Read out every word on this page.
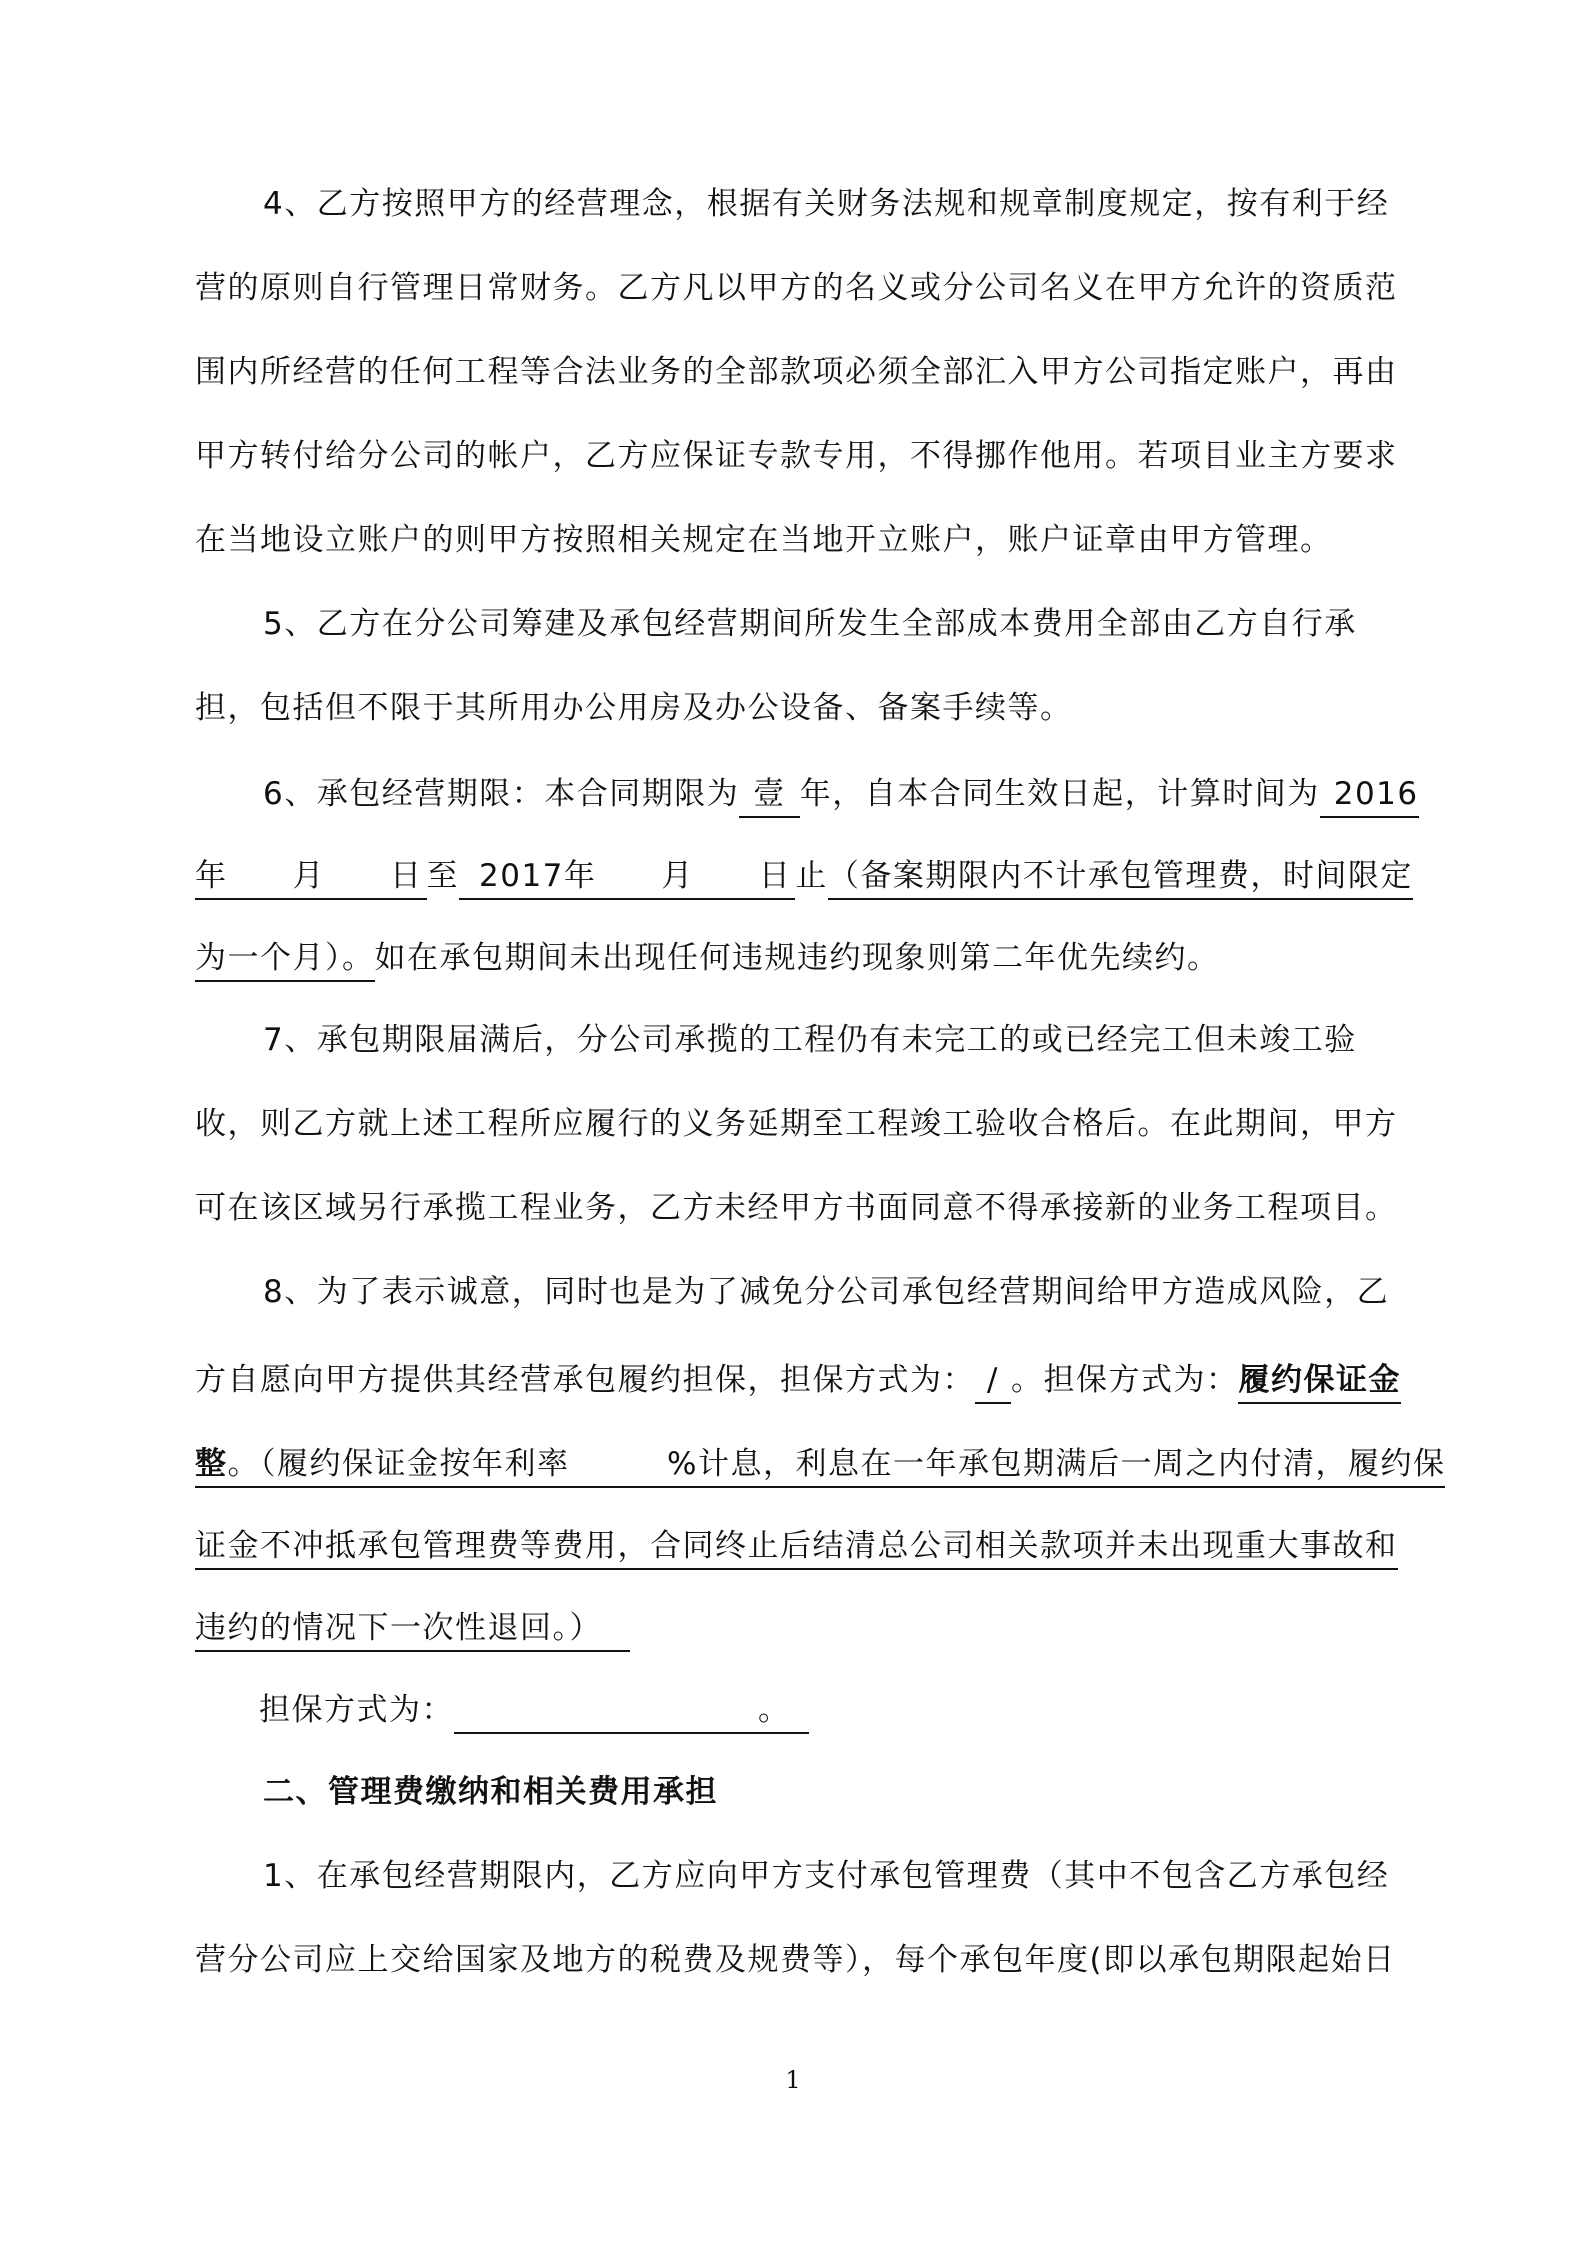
4、乙方按照甲方的经营理念，根据有关财务法规和规章制度规定，按有利于经
营的原则自行管理日常财务。乙方凡以甲方的名义或分公司名义在甲方允许的资质范
围内所经营的任何工程等合法业务的全部款项必须全部汇入甲方公司指定账户，再由
甲方转付给分公司的帐户，乙方应保证专款专用，不得挪作他用。若项目业主方要求
在当地设立账户的则甲方按照相关规定在当地开立账户，账户证章由甲方管理。
5、乙方在分公司筹建及承包经营期间所发生全部成本费用全部由乙方自行承
担，包括但不限于其所用办公用房及办公设备、备案手续等。
6、承包经营期限：本合同期限为 壹 年，自本合同生效日起，计算时间为 2016
年　　月　　日 至 2017年　　月　　日 止（备案期限内不计承包管理费，时间限定
为一个月）。如在承包期间未出现任何违规违约现象则第二年优先续约。
7、承包期限届满后，分公司承揽的工程仍有未完工的或已经完工但未竣工验
收，则乙方就上述工程所应履行的义务延期至工程竣工验收合格后。在此期间，甲方
可在该区域另行承揽工程业务，乙方未经甲方书面同意不得承接新的业务工程项目。
8、为了表示诚意，同时也是为了减免分公司承包经营期间给甲方造成风险，乙
方自愿向甲方提供其经营承包履约担保，担保方式为： / 。担保方式为：履约保证金
整。（履约保证金按年利率　　　%计息，利息在一年承包期满后一周之内付清，履约保
证金不冲抵承包管理费等费用，合同终止后结清总公司相关款项并未出现重大事故和
违约的情况下一次性退回。）
担保方式为：	。
二、管理费缴纳和相关费用承担
1、在承包经营期限内，乙方应向甲方支付承包管理费（其中不包含乙方承包经
营分公司应上交给国家及地方的税费及规费等），每个承包年度(即以承包期限起始日
1
